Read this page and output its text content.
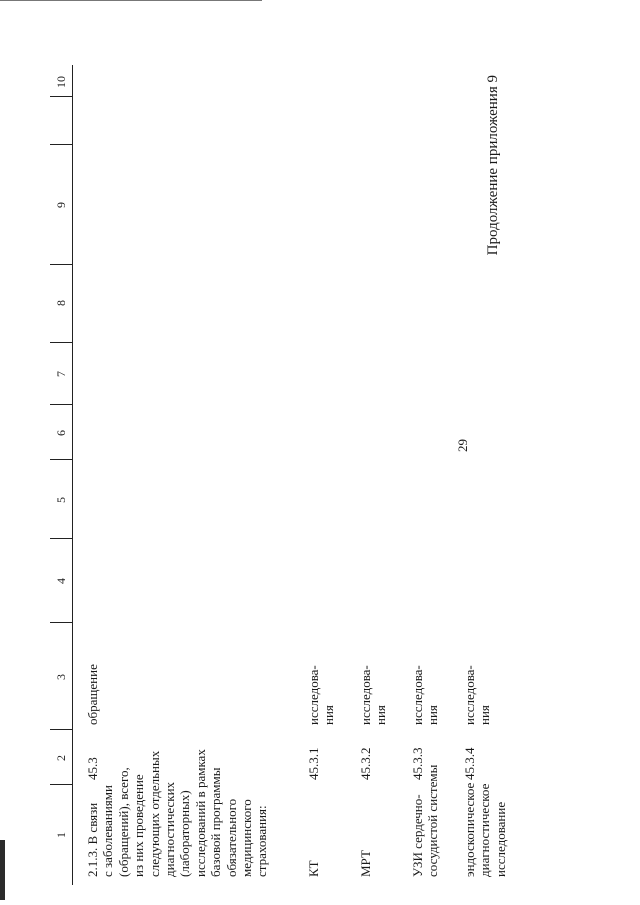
1
2
3
4
5
6
7
8
9
10
2.1.3. В связи с заболеваниями (обращений), всего, из них проведение следующих отдельных диагностических (лабораторных) исследований в рамках базовой программы обязательного медицинского страхования:
45.3
обращение
КТ
45.3.1
исследова- ния
МРТ
45.3.2
исследова- ния
УЗИ сердечно- сосудистой системы
45.3.3
исследова- ния
эндоскопическое диагностическое исследование
45.3.4
исследова- ния
29
Продолжение приложения 9
